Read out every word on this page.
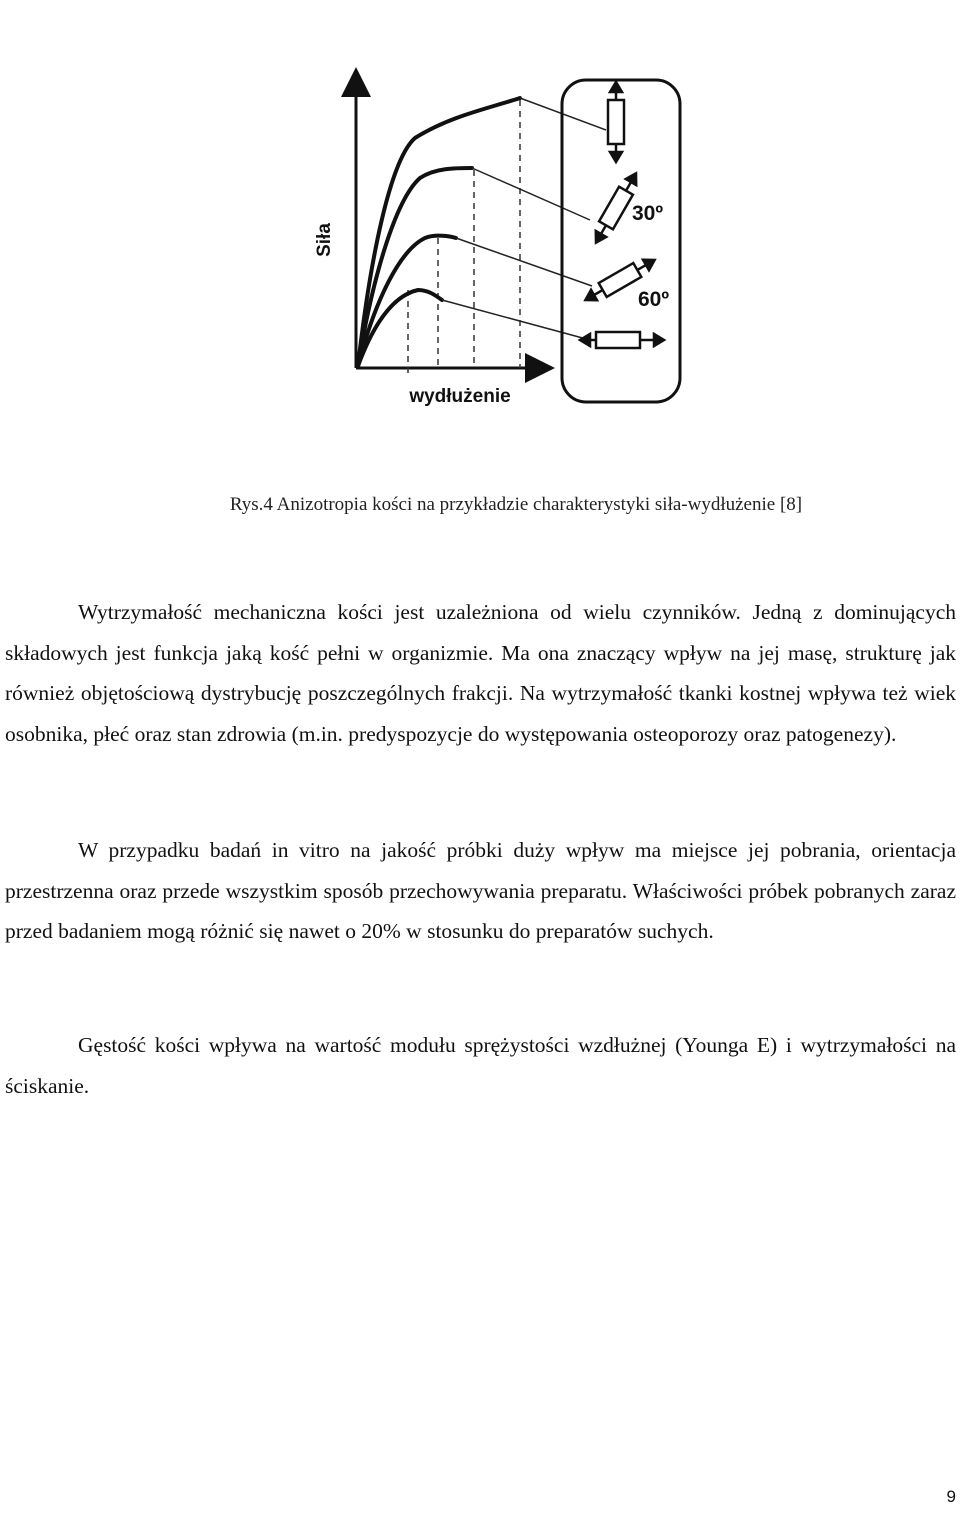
Siła
wydłużenie
30º
60º
Rys.4 Anizotropia kości na przykładzie charakterystyki siła-wydłużenie [8]

Wytrzymałość mechaniczna kości jest uzależniona od wielu czynników. Jedną z dominujących składowych jest funkcja jaką kość pełni w organizmie. Ma ona znaczący wpływ na jej masę, strukturę jak również objętościową dystrybucję poszczególnych frakcji. Na wytrzymałość tkanki kostnej wpływa też wiek osobnika, płeć oraz stan zdrowia (m.in. predyspozycje do występowania osteoporozy oraz patogenezy).

W przypadku badań in vitro na jakość próbki duży wpływ ma miejsce jej pobrania, orientacja przestrzenna oraz przede wszystkim sposób przechowywania preparatu. Właściwości próbek pobranych zaraz przed badaniem mogą różnić się nawet o 20% w stosunku do preparatów suchych.

Gęstość kości wpływa na wartość modułu sprężystości wzdłużnej (Younga E) i wytrzymałości na ściskanie.

9
